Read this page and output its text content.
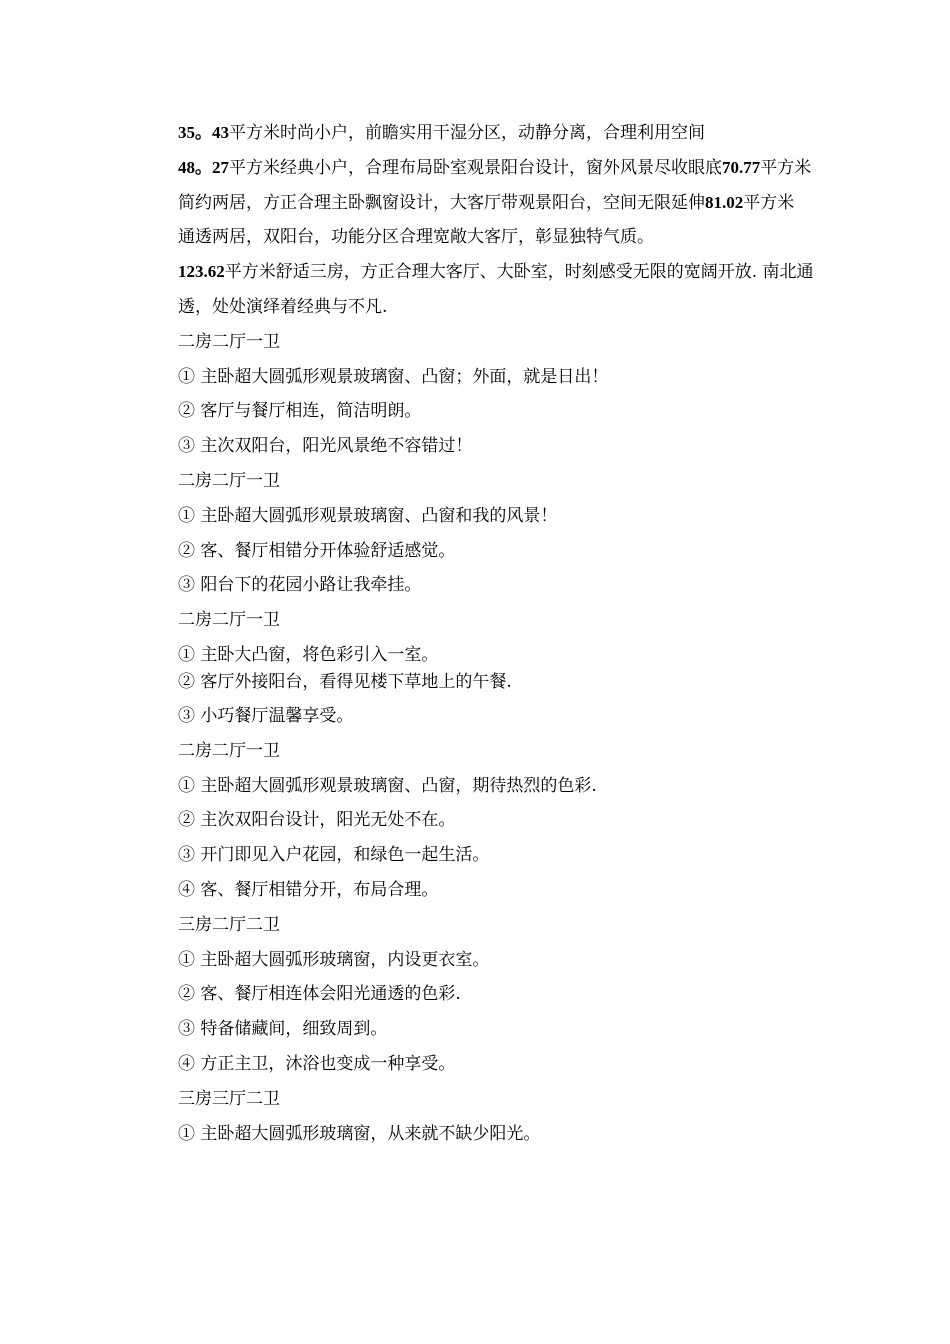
35。43平方米时尚小户，前瞻实用干湿分区，动静分离，合理利用空间

48。27平方米经典小户，合理布局卧室观景阳台设计，窗外风景尽收眼底70.77平方米

简约两居，方正合理主卧飘窗设计，大客厅带观景阳台，空间无限延伸81.02平方米

通透两居，双阳台，功能分区合理宽敞大客厅，彰显独特气质。

123.62平方米舒适三房，方正合理大客厅、大卧室，时刻感受无限的宽阔开放. 南北通透，处处演绎着经典与不凡.

二房二厅一卫

① 主卧超大圆弧形观景玻璃窗、凸窗；外面，就是日出！

② 客厅与餐厅相连，简洁明朗。

③ 主次双阳台，阳光风景绝不容错过！

二房二厅一卫

① 主卧超大圆弧形观景玻璃窗、凸窗和我的风景！

② 客、餐厅相错分开体验舒适感觉。

③ 阳台下的花园小路让我牵挂。

二房二厅一卫

① 主卧大凸窗，将色彩引入一室。

② 客厅外接阳台，看得见楼下草地上的午餐.

③ 小巧餐厅温馨享受。

二房二厅一卫

① 主卧超大圆弧形观景玻璃窗、凸窗，期待热烈的色彩.

② 主次双阳台设计，阳光无处不在。

③ 开门即见入户花园，和绿色一起生活。

④ 客、餐厅相错分开，布局合理。

三房二厅二卫

① 主卧超大圆弧形玻璃窗，内设更衣室。

② 客、餐厅相连体会阳光通透的色彩.

③ 特备储藏间，细致周到。

④ 方正主卫，沐浴也变成一种享受。

三房三厅二卫

① 主卧超大圆弧形玻璃窗，从来就不缺少阳光。
